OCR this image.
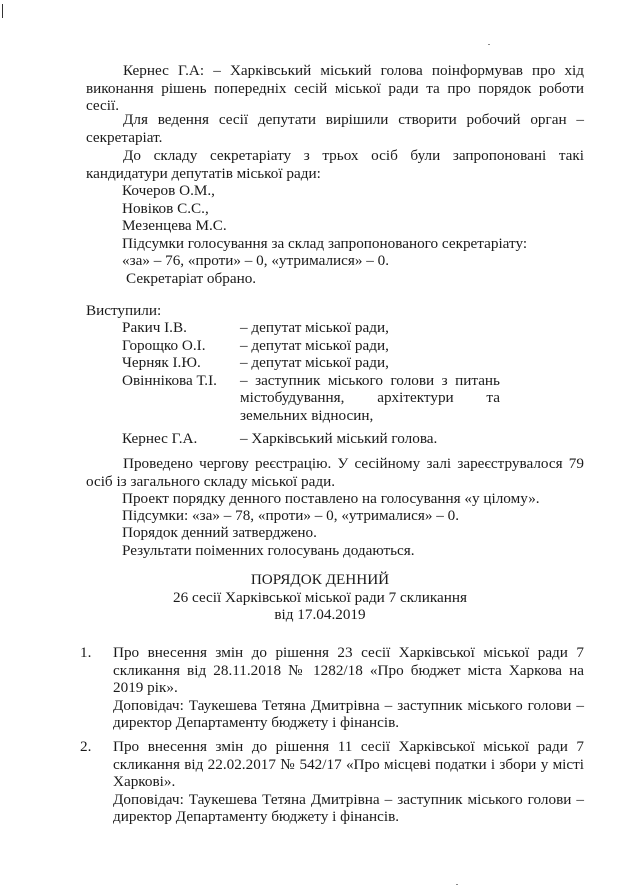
Кернес Г.А: – Харківський міський голова поінформував про хід виконання рішень попередніх сесій міської ради та про порядок роботи сесії.

Для ведення сесії депутати вирішили створити робочий орган – секретаріат.

До складу секретаріату з трьох осіб були запропоновані такі кандидатури депутатів міської ради:

Кочеров О.М.,

Новіков С.С.,

Мезенцева М.С.

Підсумки голосування за склад запропонованого секретаріату:

«за» – 76, «проти» – 0, «утрималися» – 0.

Секретаріат обрано.

Виступили:

Ракич І.В.	– депутат міської ради,
Горощко О.І.	– депутат міської ради,
Черняк І.Ю.	– депутат міської ради,
Овіннікова Т.І.	– заступник міського голови з питань містобудування, архітектури та земельних відносин,
Кернес Г.А.	– Харківський міський голова.

Проведено чергову реєстрацію. У сесійному залі зареєструвалося 79 осіб із загального складу міської ради.

Проект порядку денного поставлено на голосування «у цілому».

Підсумки: «за» – 78, «проти» – 0, «утрималися» – 0.

Порядок денний затверджено.

Результати поіменних голосувань додаються.

ПОРЯДОК ДЕННИЙ

26 сесії Харківської міської ради 7 скликання

від 17.04.2019

1.	Про внесення змін до рішення 23 сесії Харківської міської ради 7 скликання від 28.11.2018 № 1282/18 «Про бюджет міста Харкова на 2019 рік».

Доповідач: Таукешева Тетяна Дмитрівна – заступник міського голови – директор Департаменту бюджету і фінансів.

2.	Про внесення змін до рішення 11 сесії Харківської міської ради 7 скликання від 22.02.2017 № 542/17 «Про місцеві податки і збори у місті Харкові».

Доповідач: Таукешева Тетяна Дмитрівна – заступник міського голови – директор Департаменту бюджету і фінансів.
